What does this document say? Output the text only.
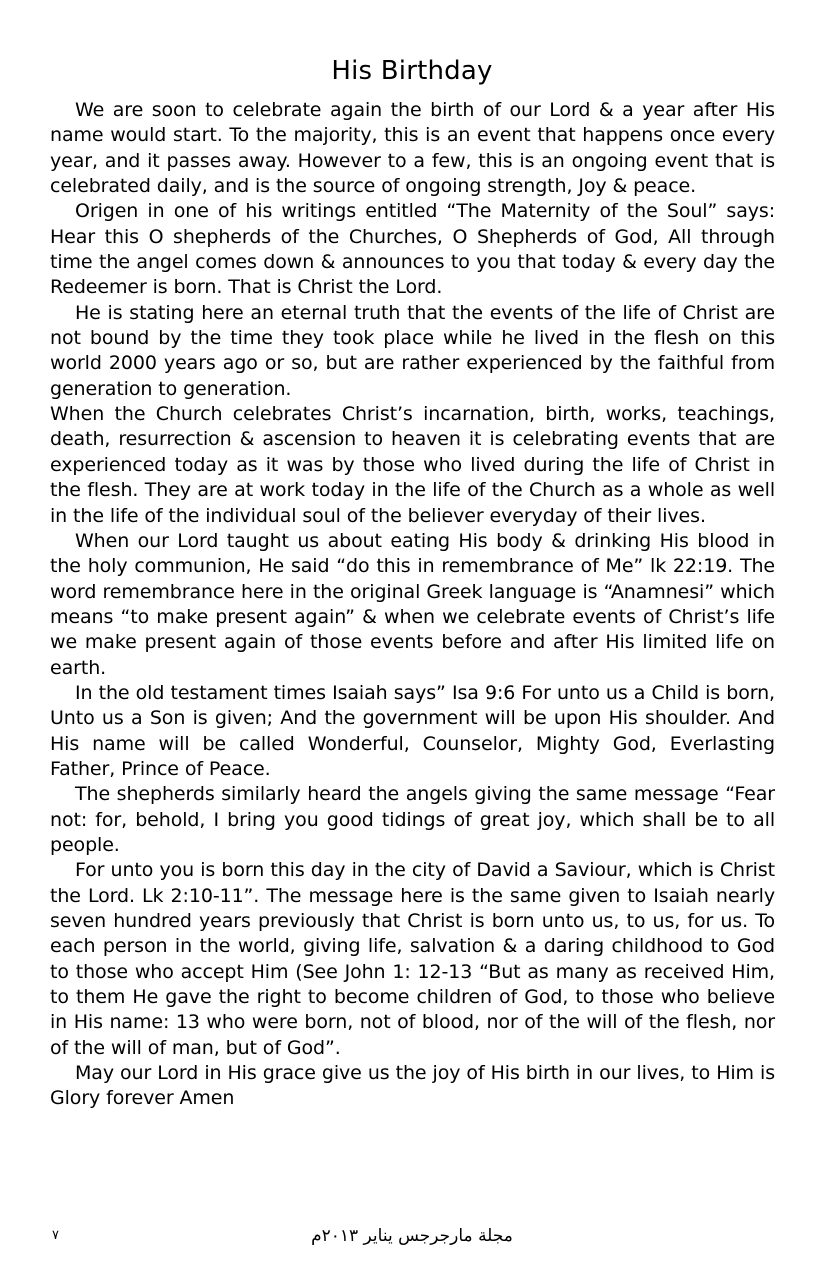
His Birthday

We are soon to celebrate again the birth of our Lord & a year after His name would start. To the majority, this is an event that happens once every year, and it passes away. However to a few, this is an ongoing event that is celebrated daily, and is the source of ongoing strength, Joy & peace.

Origen in one of his writings entitled “The Maternity of the Soul” says: Hear this O shepherds of the Churches, O Shepherds of God, All through time the angel comes down & announces to you that today & every day the Redeemer is born. That is Christ the Lord.

He is stating here an eternal truth that the events of the life of Christ are not bound by the time they took place while he lived in the flesh on this world 2000 years ago or so, but are rather experienced by the faithful from generation to generation.

When the Church celebrates Christ’s incarnation, birth, works, teachings, death, resurrection & ascension to heaven it is celebrating events that are experienced today as it was by those who lived during the life of Christ in the flesh. They are at work today in the life of the Church as a whole as well in the life of the individual soul of the believer everyday of their lives.

When our Lord taught us about eating His body & drinking His blood in the holy communion, He said “do this in remembrance of Me” lk 22:19. The word remembrance here in the original Greek language is “Anamnesi” which means “to make present again” & when we celebrate events of Christ’s life we make present again of those events before and after His limited life on earth.

In the old testament times Isaiah says” Isa 9:6 For unto us a Child is born, Unto us a Son is given; And the government will be upon His shoulder. And His name will be called Wonderful, Counselor, Mighty God, Everlasting Father, Prince of Peace.

The shepherds similarly heard the angels giving the same message “Fear not: for, behold, I bring you good tidings of great joy, which shall be to all people.

For unto you is born this day in the city of David a Saviour, which is Christ the Lord. Lk 2:10-11”. The message here is the same given to Isaiah nearly seven hundred years previously that Christ is born unto us, to us, for us. To each person in the world, giving life, salvation & a daring childhood to God to those who accept Him (See John 1: 12-13 “But as many as received Him, to them He gave the right to become children of God, to those who believe in His name: 13 who were born, not of blood, nor of the will of the flesh, nor of the will of man, but of God”.

May our Lord in His grace give us the joy of His birth in our lives, to Him is Glory forever Amen

٧	مجلة مارجرجس يناير ٢٠١٣م
